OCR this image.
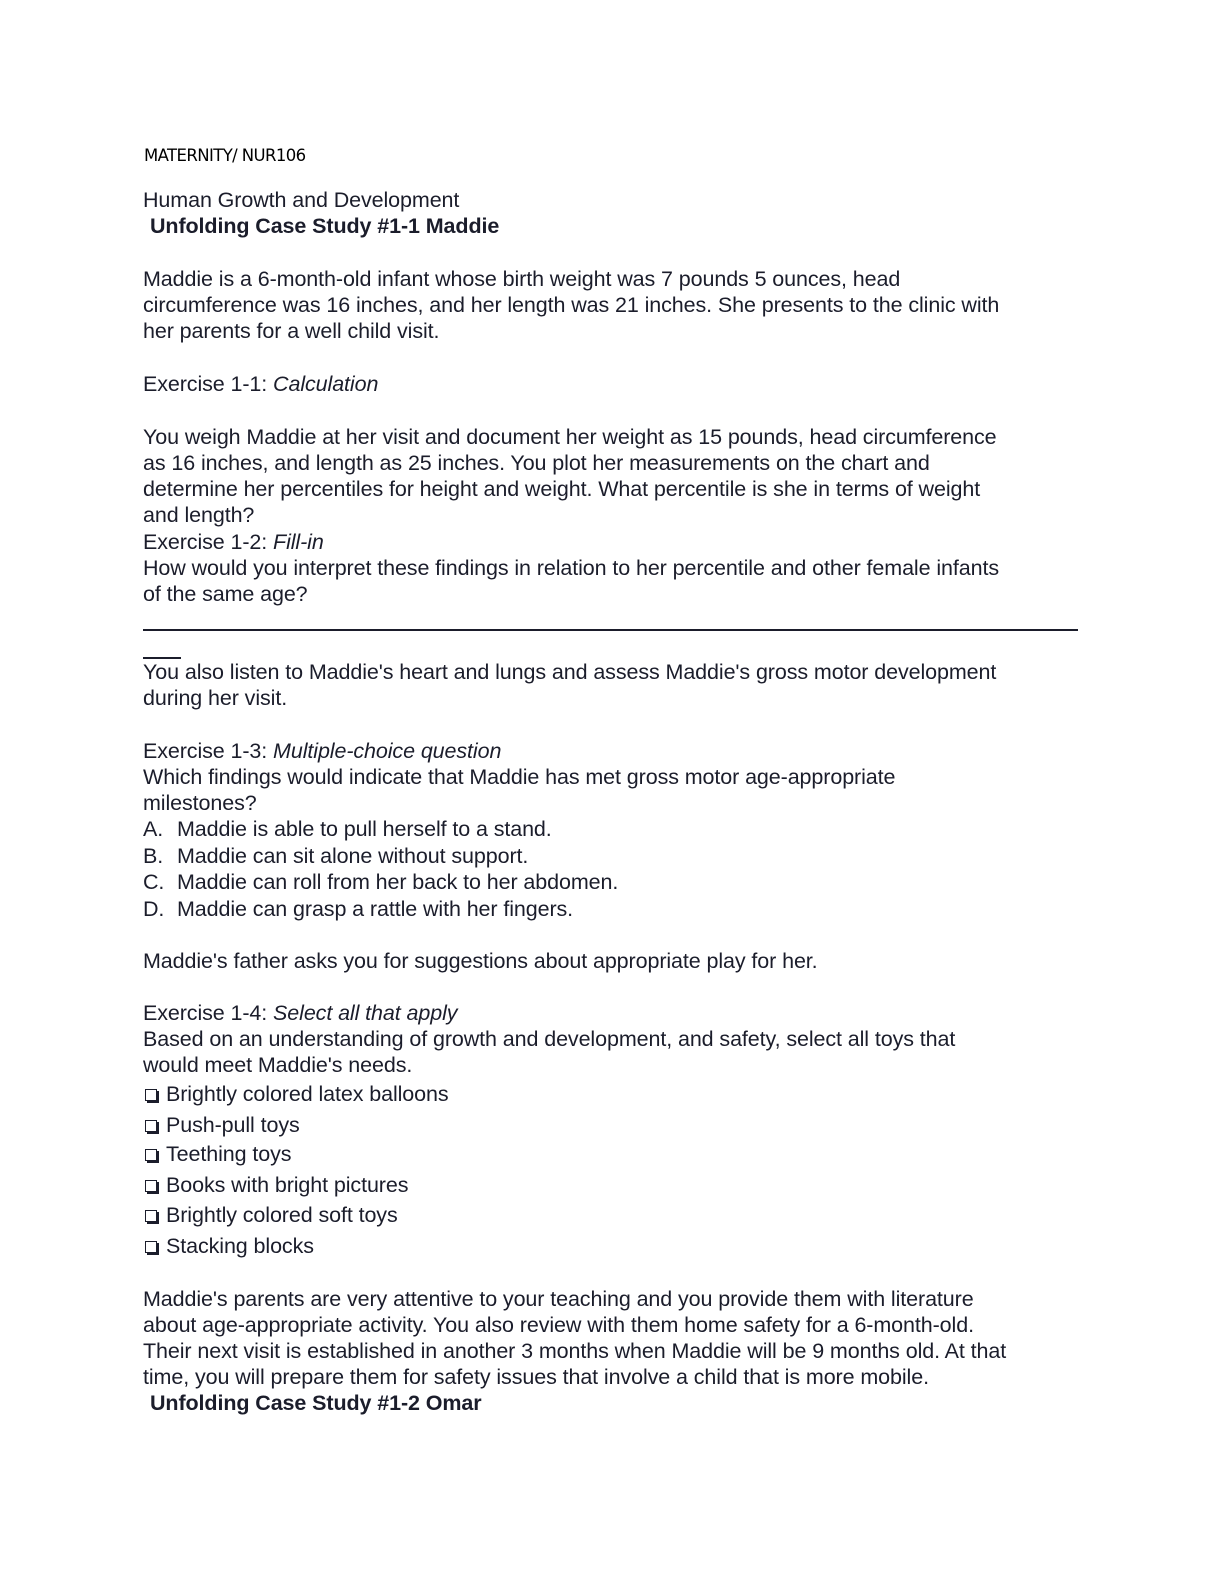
MATERNITY/ NUR106
Human Growth and Development
Unfolding Case Study #1-1 Maddie
Maddie is a 6-month-old infant whose birth weight was 7 pounds 5 ounces, head
circumference was 16 inches, and her length was 21 inches. She presents to the clinic with
her parents for a well child visit.
Exercise 1-1: Calculation
You weigh Maddie at her visit and document her weight as 15 pounds, head circumference
as 16 inches, and length as 25 inches. You plot her measurements on the chart and
determine her percentiles for height and weight. What percentile is she in terms of weight
and length?
Exercise 1-2: Fill-in
How would you interpret these findings in relation to her percentile and other female infants
of the same age?
You also listen to Maddie's heart and lungs and assess Maddie's gross motor development
during her visit.
Exercise 1-3: Multiple-choice question
Which findings would indicate that Maddie has met gross motor age-appropriate
milestones?
A. Maddie is able to pull herself to a stand.
B. Maddie can sit alone without support.
C. Maddie can roll from her back to her abdomen.
D. Maddie can grasp a rattle with her fingers.
Maddie's father asks you for suggestions about appropriate play for her.
Exercise 1-4: Select all that apply
Based on an understanding of growth and development, and safety, select all toys that
would meet Maddie's needs.
Brightly colored latex balloons
Push-pull toys
Teething toys
Books with bright pictures
Brightly colored soft toys
Stacking blocks
Maddie's parents are very attentive to your teaching and you provide them with literature
about age-appropriate activity. You also review with them home safety for a 6-month-old.
Their next visit is established in another 3 months when Maddie will be 9 months old. At that
time, you will prepare them for safety issues that involve a child that is more mobile.
Unfolding Case Study #1-2 Omar
